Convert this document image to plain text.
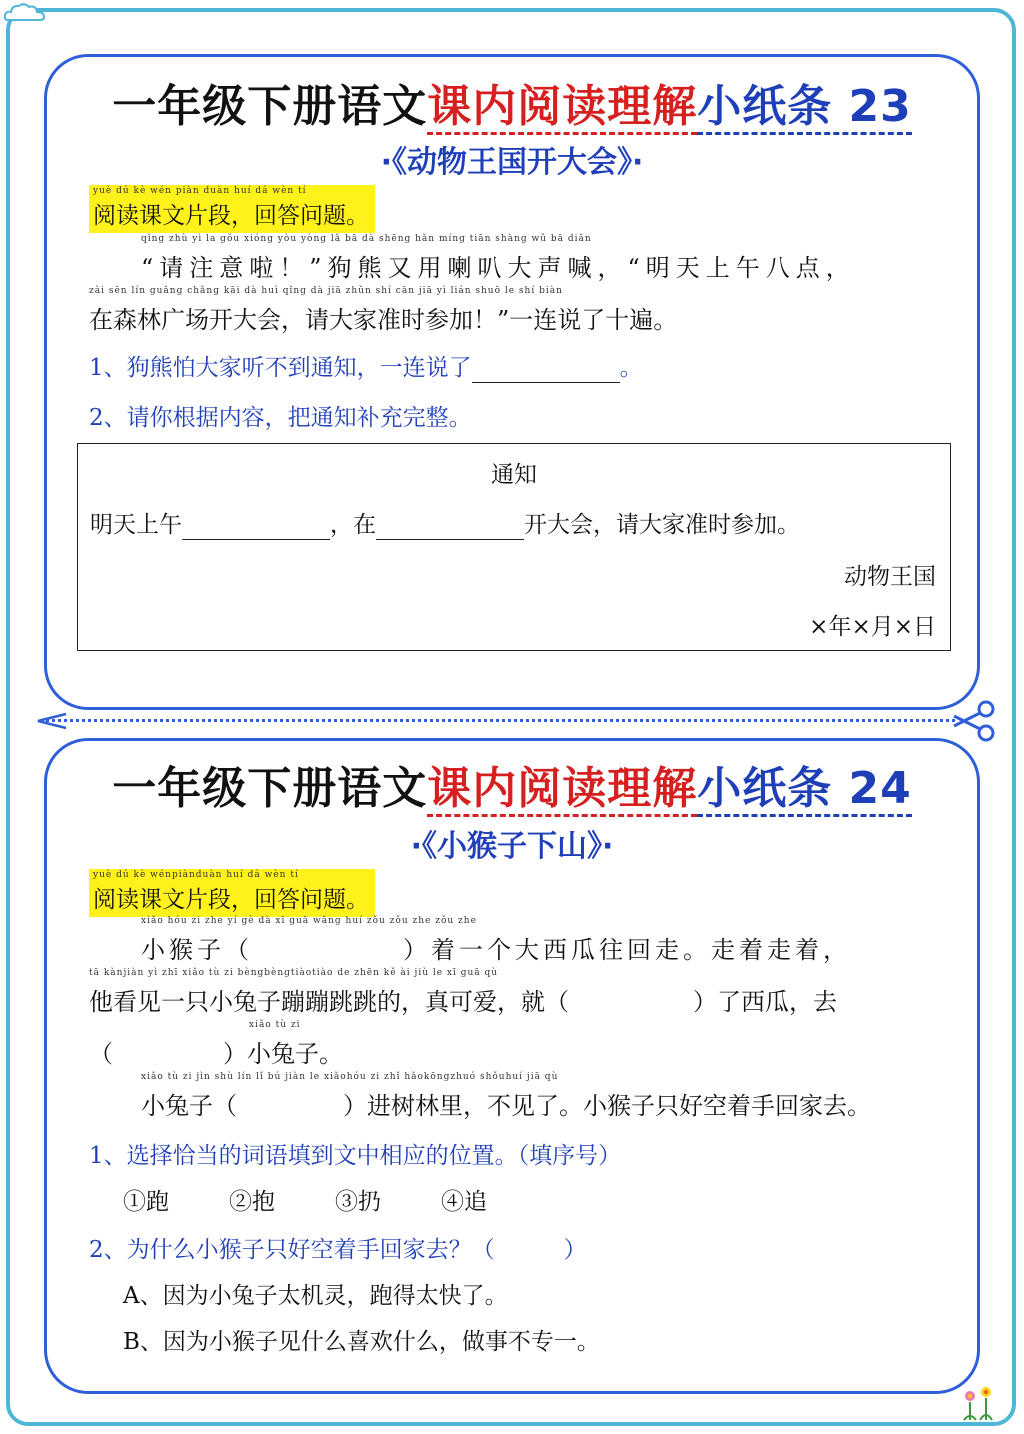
一年级下册语文课内阅读理解小纸条 23
·《动物王国开大会》·
yuè dú kè wén piàn duàn huí dá wèn tí
阅读课文片段，回答问题。
qǐng zhù yì la gǒu xióng yòu yòng lǎ bā dà shēng hǎn míng tiān shàng wǔ bā diǎn
“请注意啦！”狗熊又用喇叭大声喊，“明天上午八点，
zài sēn lín guǎng chǎng kāi dà huì qǐng dà jiā zhǔn shí cān jiā yì lián shuō le shí biàn
在森林广场开大会，请大家准时参加！”一连说了十遍。
1、狗熊怕大家听不到通知，一连说了	。
2、请你根据内容，把通知补充完整。
通知
明天上午	，在	开大会，请大家准时参加。
动物王国
×年×月×日
一年级下册语文课内阅读理解小纸条 24
·《小猴子下山》·
yuè dú kè wénpiànduàn huí dá wèn tí
阅读课文片段，回答问题。
xiǎo hóu zi zhe yí gè dà xī guā wǎng huí zǒu zǒu zhe zǒu zhe
小猴子（	）着一个大西瓜往回走。走着走着，
tā kànjiàn yì zhī xiǎo tù zi bèngbèngtiàotiào de zhēn kě ài jiù le xī guā qù
他看见一只小兔子蹦蹦跳跳的，真可爱，就（	）了西瓜，去
xiǎo tù zi
（	）小兔子。
xiǎo tù zi jìn shù lín lǐ bú jiàn le xiǎohóu zi zhǐ hǎokōngzhuó shǒuhuí jiā qù
小兔子（	）进树林里，不见了。小猴子只好空着手回家去。
1、选择恰当的词语填到文中相应的位置。（填序号）
①跑	②抱	③扔	④追
2、为什么小猴子只好空着手回家去？（　　　）
A、因为小兔子太机灵，跑得太快了。
B、因为小猴子见什么喜欢什么，做事不专一。
